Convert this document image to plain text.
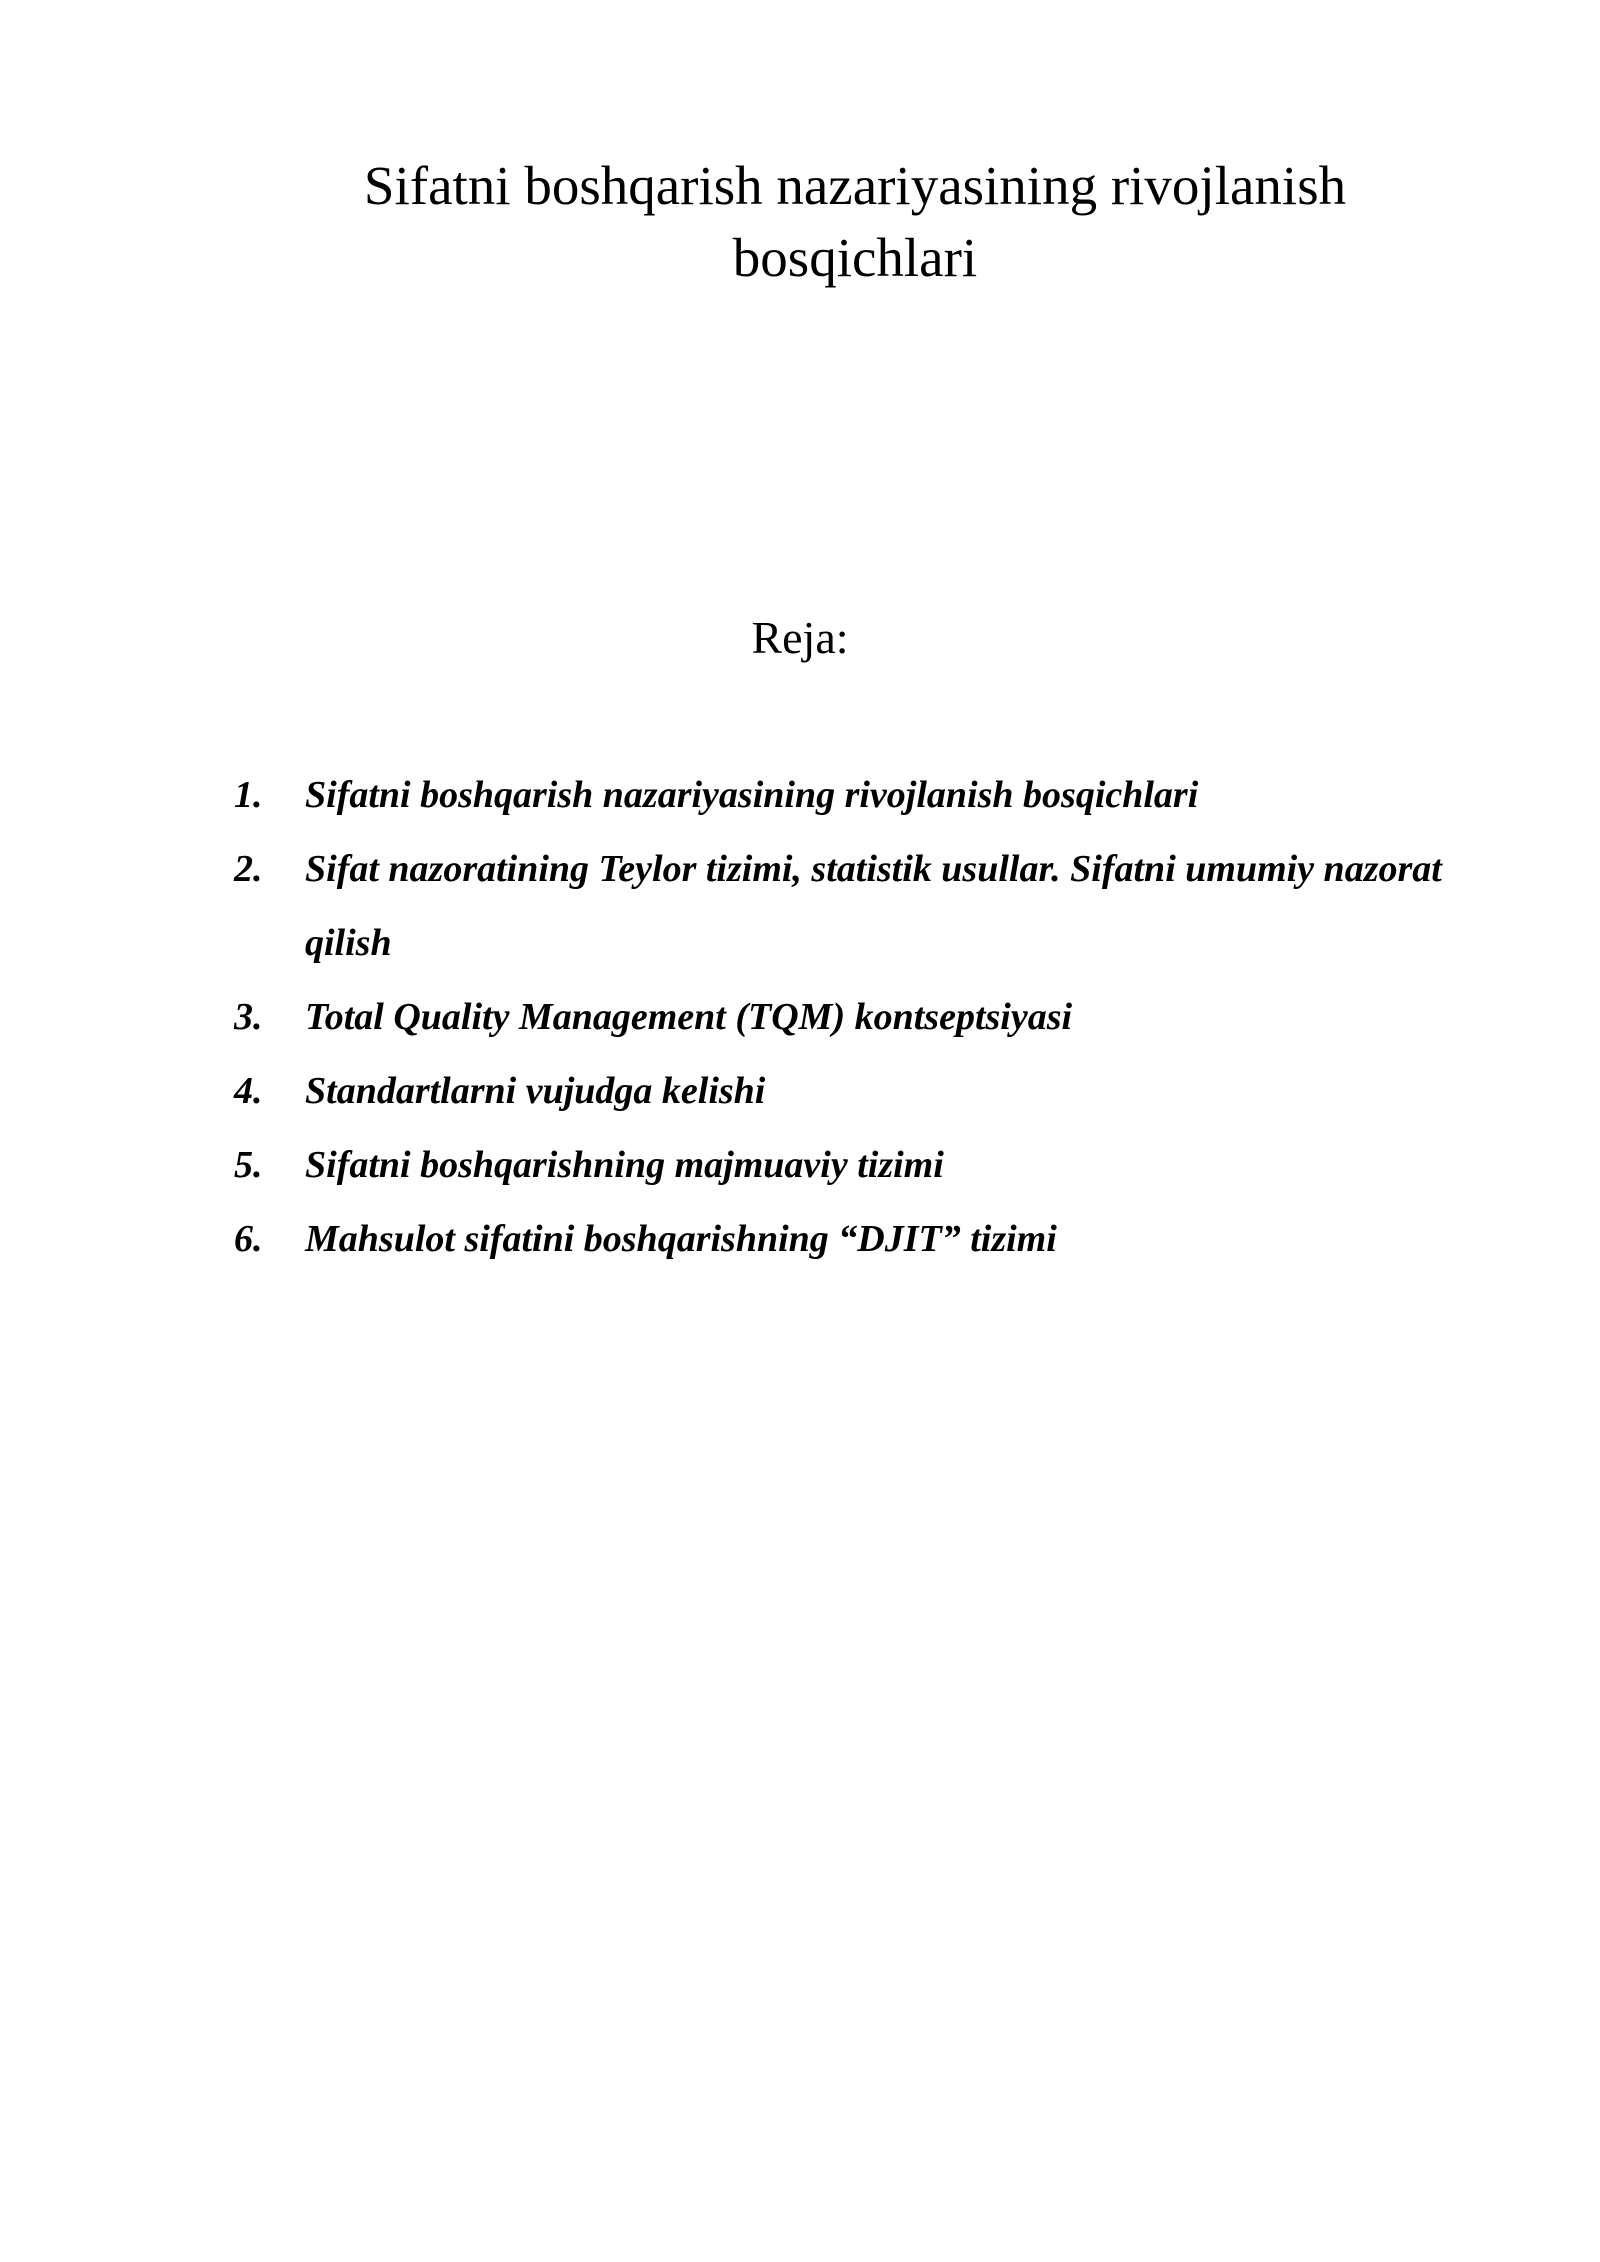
Sifatni boshqarish nazariyasining rivojlanish bosqichlari

Reja:

1. Sifatni boshqarish nazariyasining rivojlanish bosqichlari
2. Sifat nazoratining Teylor tizimi, statistik usullar. Sifatni umumiy nazorat qilish
3. Total Quality Management (TQM) kontseptsiyasi
4. Standartlarni vujudga kelishi
5. Sifatni boshqarishning majmuaviy tizimi
6. Mahsulot sifatini boshqarishning “DJIT” tizimi
